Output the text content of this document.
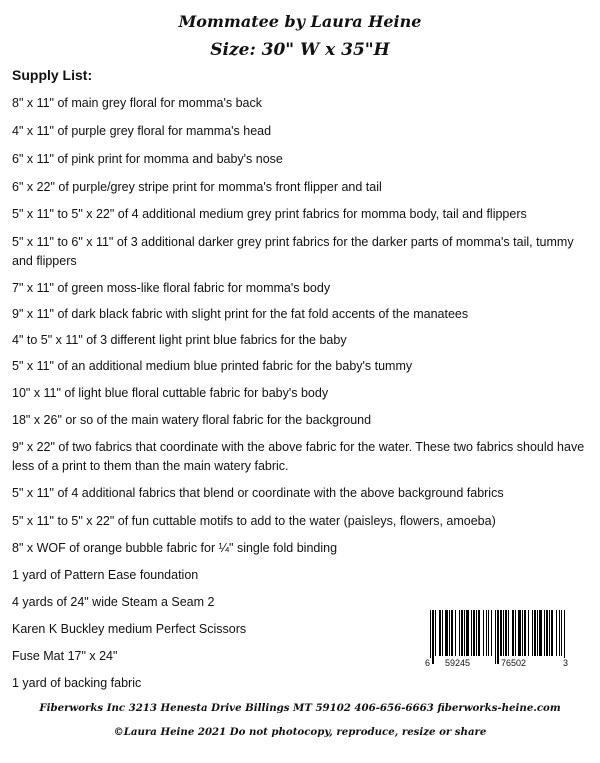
Mommatee by Laura Heine
Size: 30" W x 35"H
Supply List:
8" x 11" of main grey floral for momma's back
4" x 11" of purple grey floral for mamma's head
6" x 11" of pink print for momma and baby's nose
6" x 22" of purple/grey stripe print for momma's front flipper and tail
5" x 11" to 5" x 22" of 4 additional medium grey print fabrics for momma body, tail and flippers
5" x 11" to 6" x 11" of 3 additional darker grey print fabrics for the darker parts of momma's tail, tummy and flippers
7" x 11" of green moss-like floral fabric for momma's body
9" x 11" of dark black fabric with slight print for the fat fold accents of the manatees
4" to 5" x 11" of 3 different light print blue fabrics for the baby
5" x 11" of an additional medium blue printed fabric for the baby's tummy
10" x 11" of light blue floral cuttable fabric for baby's body
18" x 26" or so of the main watery floral fabric for the background
9" x 22" of two fabrics that coordinate with the above fabric for the water. These two fabrics should have less of a print to them than the main watery fabric.
5" x 11" of 4 additional fabrics that blend or coordinate with the above background fabrics
5" x 11" to 5" x 22" of fun cuttable motifs to add to the water (paisleys, flowers, amoeba)
8" x WOF of orange bubble fabric for ¼" single fold binding
1 yard of Pattern Ease foundation
4 yards of 24" wide Steam a Seam 2
Karen K Buckley medium Perfect Scissors
Fuse Mat 17" x 24"
1 yard of backing fabric
6 59245	76502	3
Fiberworks Inc 3213 Henesta Drive Billings MT 59102 406-656-6663 fiberworks-heine.com
©Laura Heine 2021 Do not photocopy, reproduce, resize or share
